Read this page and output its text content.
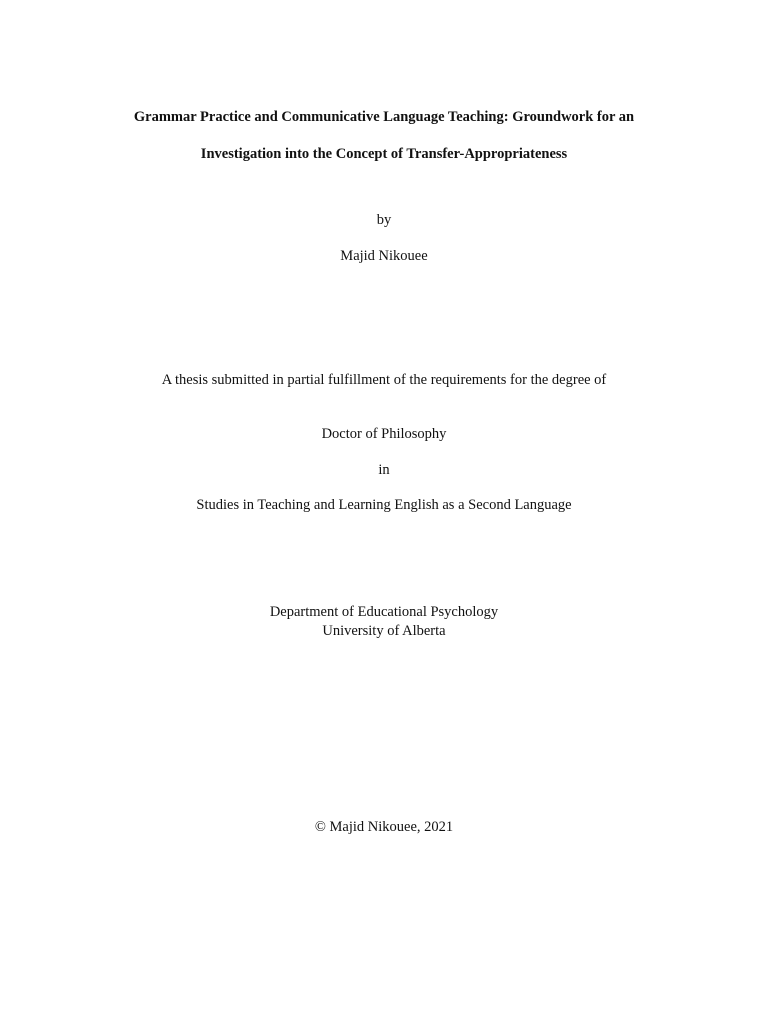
Grammar Practice and Communicative Language Teaching: Groundwork for an
Investigation into the Concept of Transfer-Appropriateness
by
Majid Nikouee
A thesis submitted in partial fulfillment of the requirements for the degree of
Doctor of Philosophy
in
Studies in Teaching and Learning English as a Second Language
Department of Educational Psychology
University of Alberta
© Majid Nikouee, 2021
